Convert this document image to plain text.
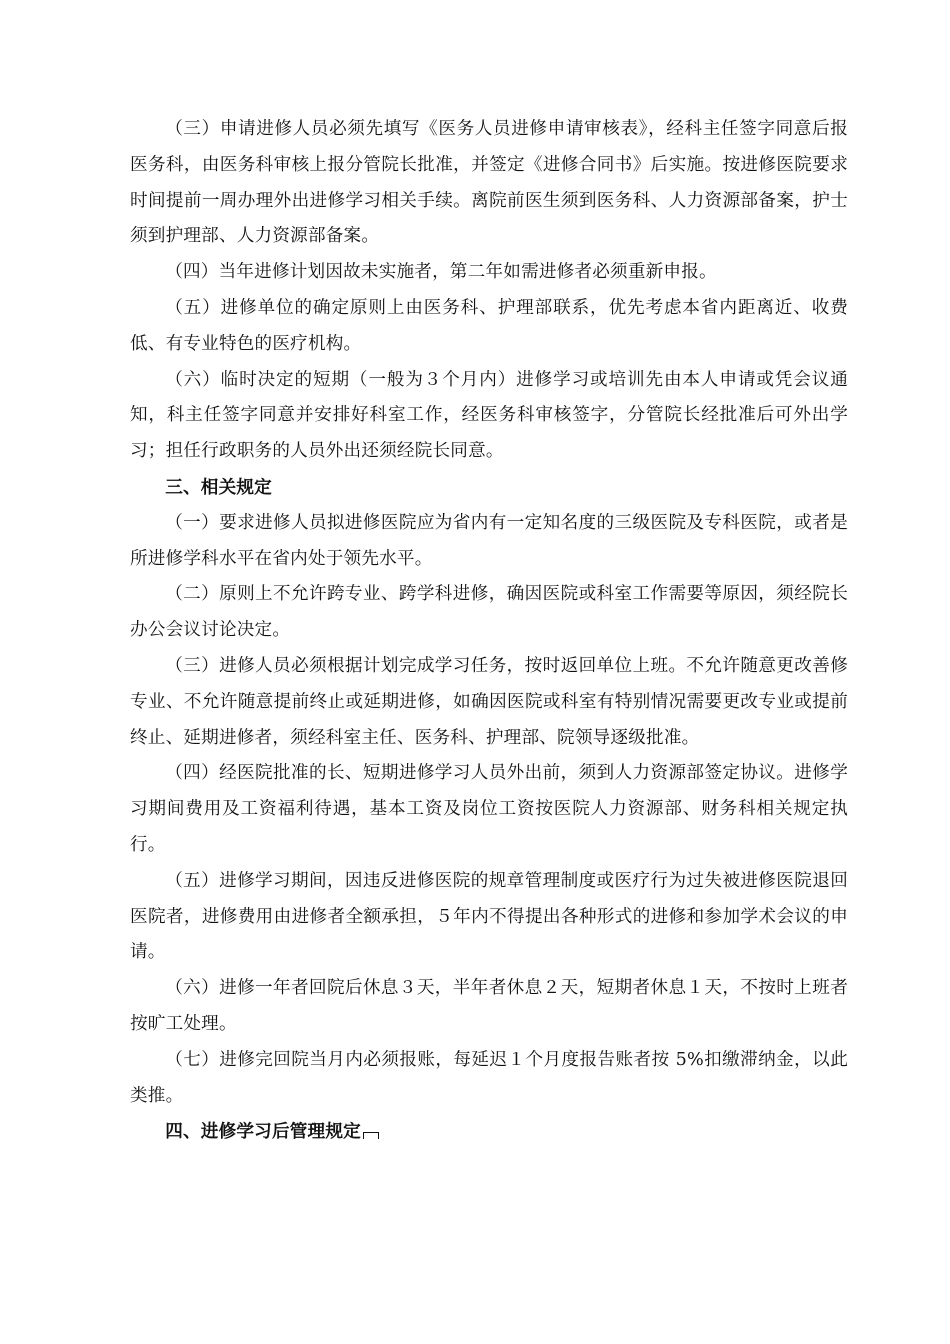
（三）申请进修人员必须先填写《医务人员进修申请审核表》，经科主任签字同意后报医务科，由医务科审核上报分管院长批准，并签定《进修合同书》后实施。按进修医院要求时间提前一周办理外出进修学习相关手续。离院前医生须到医务科、人力资源部备案，护士须到护理部、人力资源部备案。

（四）当年进修计划因故未实施者，第二年如需进修者必须重新申报。

（五）进修单位的确定原则上由医务科、护理部联系，优先考虑本省内距离近、收费低、有专业特色的医疗机构。

（六）临时决定的短期（一般为３个月内）进修学习或培训先由本人申请或凭会议通知，科主任签字同意并安排好科室工作，经医务科审核签字，分管院长经批准后可外出学习；担任行政职务的人员外出还须经院长同意。

三、相关规定

（一）要求进修人员拟进修医院应为省内有一定知名度的三级医院及专科医院，或者是所进修学科水平在省内处于领先水平。

（二）原则上不允许跨专业、跨学科进修，确因医院或科室工作需要等原因，须经院长办公会议讨论决定。

（三）进修人员必须根据计划完成学习任务，按时返回单位上班。不允许随意更改善修专业、不允许随意提前终止或延期进修，如确因医院或科室有特别情况需要更改专业或提前终止、延期进修者，须经科室主任、医务科、护理部、院领导逐级批准。

（四）经医院批准的长、短期进修学习人员外出前，须到人力资源部签定协议。进修学习期间费用及工资福利待遇，基本工资及岗位工资按医院人力资源部、财务科相关规定执行。

（五）进修学习期间，因违反进修医院的规章管理制度或医疗行为过失被进修医院退回医院者，进修费用由进修者全额承担，５年内不得提出各种形式的进修和参加学术会议的申请。

（六）进修一年者回院后休息３天，半年者休息２天，短期者休息１天，不按时上班者按旷工处理。

（七）进修完回院当月内必须报账，每延迟１个月度报告账者按 5%扣缴滞纳金，以此类推。

四、进修学习后管理规定
